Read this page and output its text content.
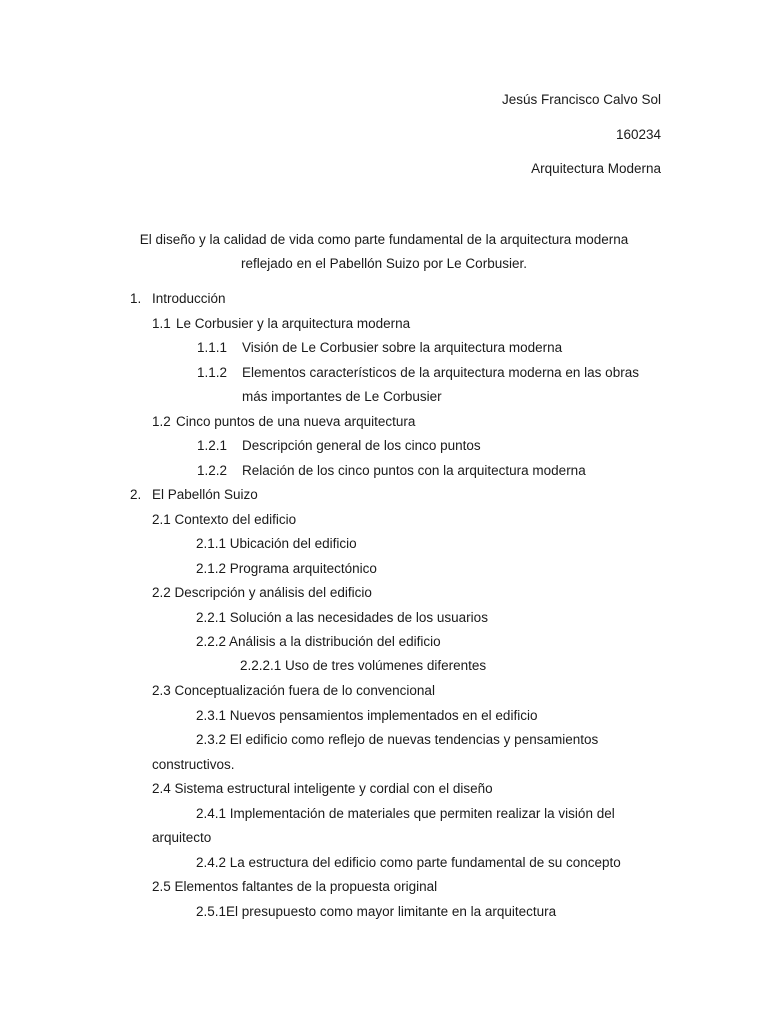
Jesús Francisco Calvo Sol
160234
Arquitectura Moderna
El diseño y la calidad de vida como parte fundamental de la arquitectura moderna
reflejado en el Pabellón Suizo por Le Corbusier.
1. Introducción
1.1 Le Corbusier y la arquitectura moderna
1.1.1 Visión de Le Corbusier sobre la arquitectura moderna
1.1.2 Elementos característicos de la arquitectura moderna en las obras
más importantes de Le Corbusier
1.2 Cinco puntos de una nueva arquitectura
1.2.1 Descripción general de los cinco puntos
1.2.2 Relación de los cinco puntos con la arquitectura moderna
2. El Pabellón Suizo
2.1 Contexto del edificio
2.1.1 Ubicación del edificio
2.1.2 Programa arquitectónico
2.2 Descripción y análisis del edificio
2.2.1 Solución a las necesidades de los usuarios
2.2.2 Análisis a la distribución del edificio
2.2.2.1 Uso de tres volúmenes diferentes
2.3 Conceptualización fuera de lo convencional
2.3.1 Nuevos pensamientos implementados en el edificio
2.3.2 El edificio como reflejo de nuevas tendencias y pensamientos
constructivos.
2.4 Sistema estructural inteligente y cordial con el diseño
2.4.1 Implementación de materiales que permiten realizar la visión del
arquitecto
2.4.2 La estructura del edificio como parte fundamental de su concepto
2.5 Elementos faltantes de la propuesta original
2.5.1El presupuesto como mayor limitante en la arquitectura
